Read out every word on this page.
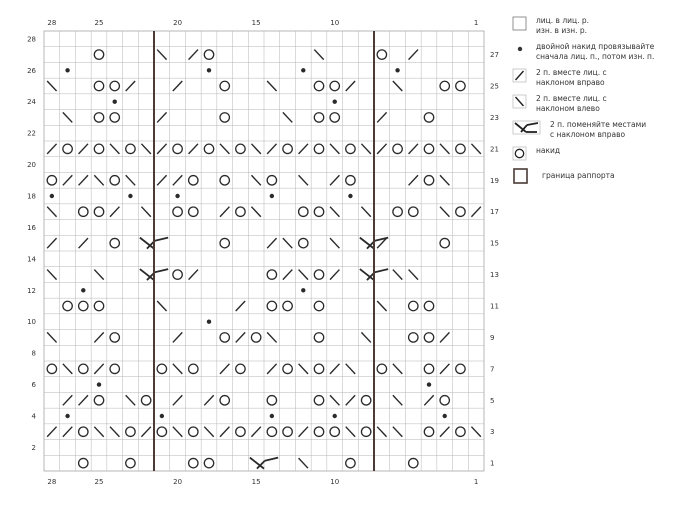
28	25	20	15	10	1
28	25	20	15	10	1
28
26
24
22
20
18
16
14
12
10
8
6
4
2
27
25
23
21
19
17
15
13
11
9
7
5
3
1
лиц. в лиц. р.
изн. в изн. р.
двойной накид провязывайте
сначала лиц. п., потом изн. п.
2 п. вместе лиц. с
наклоном вправо
2 п. вместе лиц. с
наклоном влево
2 п. поменяйте местами
с наклоном вправо
накид
граница раппорта
